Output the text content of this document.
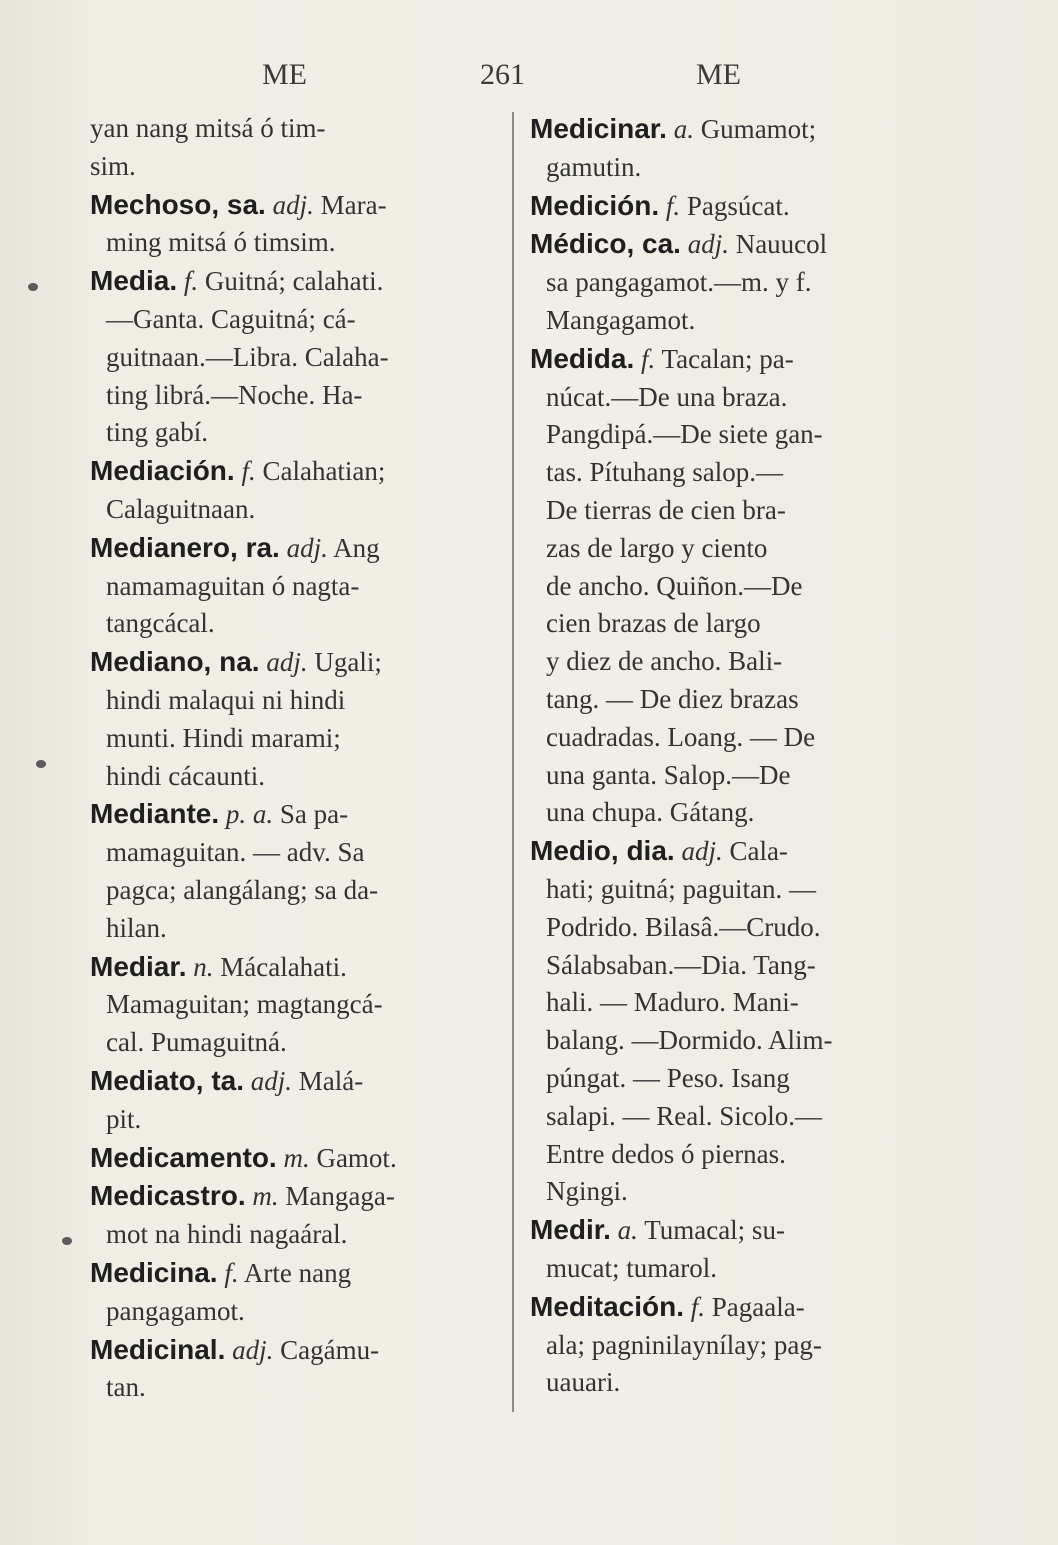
ME	261	ME
yan nang mitsá ó tim-
sim.
Mechoso, sa. adj. Mara-
ming mitsá ó timsim.
Media. f. Guitná; calahati.
—Ganta. Caguitná; cá-
guitnaan.—Libra. Calaha-
ting librá.—Noche. Ha-
ting gabí.
Mediación. f. Calahatian;
Calaguitnaan.
Medianero, ra. adj. Ang
namamaguitan ó nagta-
tangcácal.
Mediano, na. adj. Ugali;
hindi malaqui ni hindi
munti. Hindi marami;
hindi cácaunti.
Mediante. p. a. Sa pa-
mamaguitan. — adv. Sa
pagca; alangálang; sa da-
hilan.
Mediar. n. Mácalahati.
Mamaguitan; magtangcá-
cal. Pumaguitná.
Mediato, ta. adj. Malá-
pit.
Medicamento. m. Gamot.
Medicastro. m. Mangaga-
mot na hindi nagaáral.
Medicina. f. Arte nang
pangagamot.
Medicinal. adj. Cagámu-
tan.
Medicinar. a. Gumamot;
gamutin.
Medición. f. Pagsúcat.
Médico, ca. adj. Nauucol
sa pangagamot.—m. y f.
Mangagamot.
Medida. f. Tacalan; pa-
núcat.—De una braza.
Pangdipá.—De siete gan-
tas. Pítuhang salop.—
De tierras de cien bra-
zas de largo y ciento
de ancho. Quiñon.—De
cien brazas de largo
y diez de ancho. Bali-
tang. — De diez brazas
cuadradas. Loang. — De
una ganta. Salop.—De
una chupa. Gátang.
Medio, dia. adj. Cala-
hati; guitná; paguitan. —
Podrido. Bilasâ.—Crudo.
Sálabsaban.—Dia. Tang-
hali. — Maduro. Mani-
balang. —Dormido. Alim-
púngat. — Peso. Isang
salapi. — Real. Sicolo.—
Entre dedos ó piernas.
Ngingi.
Medir. a. Tumacal; su-
mucat; tumarol.
Meditación. f. Pagaala-
ala; pagninilaynílay; pag-
uauari.
